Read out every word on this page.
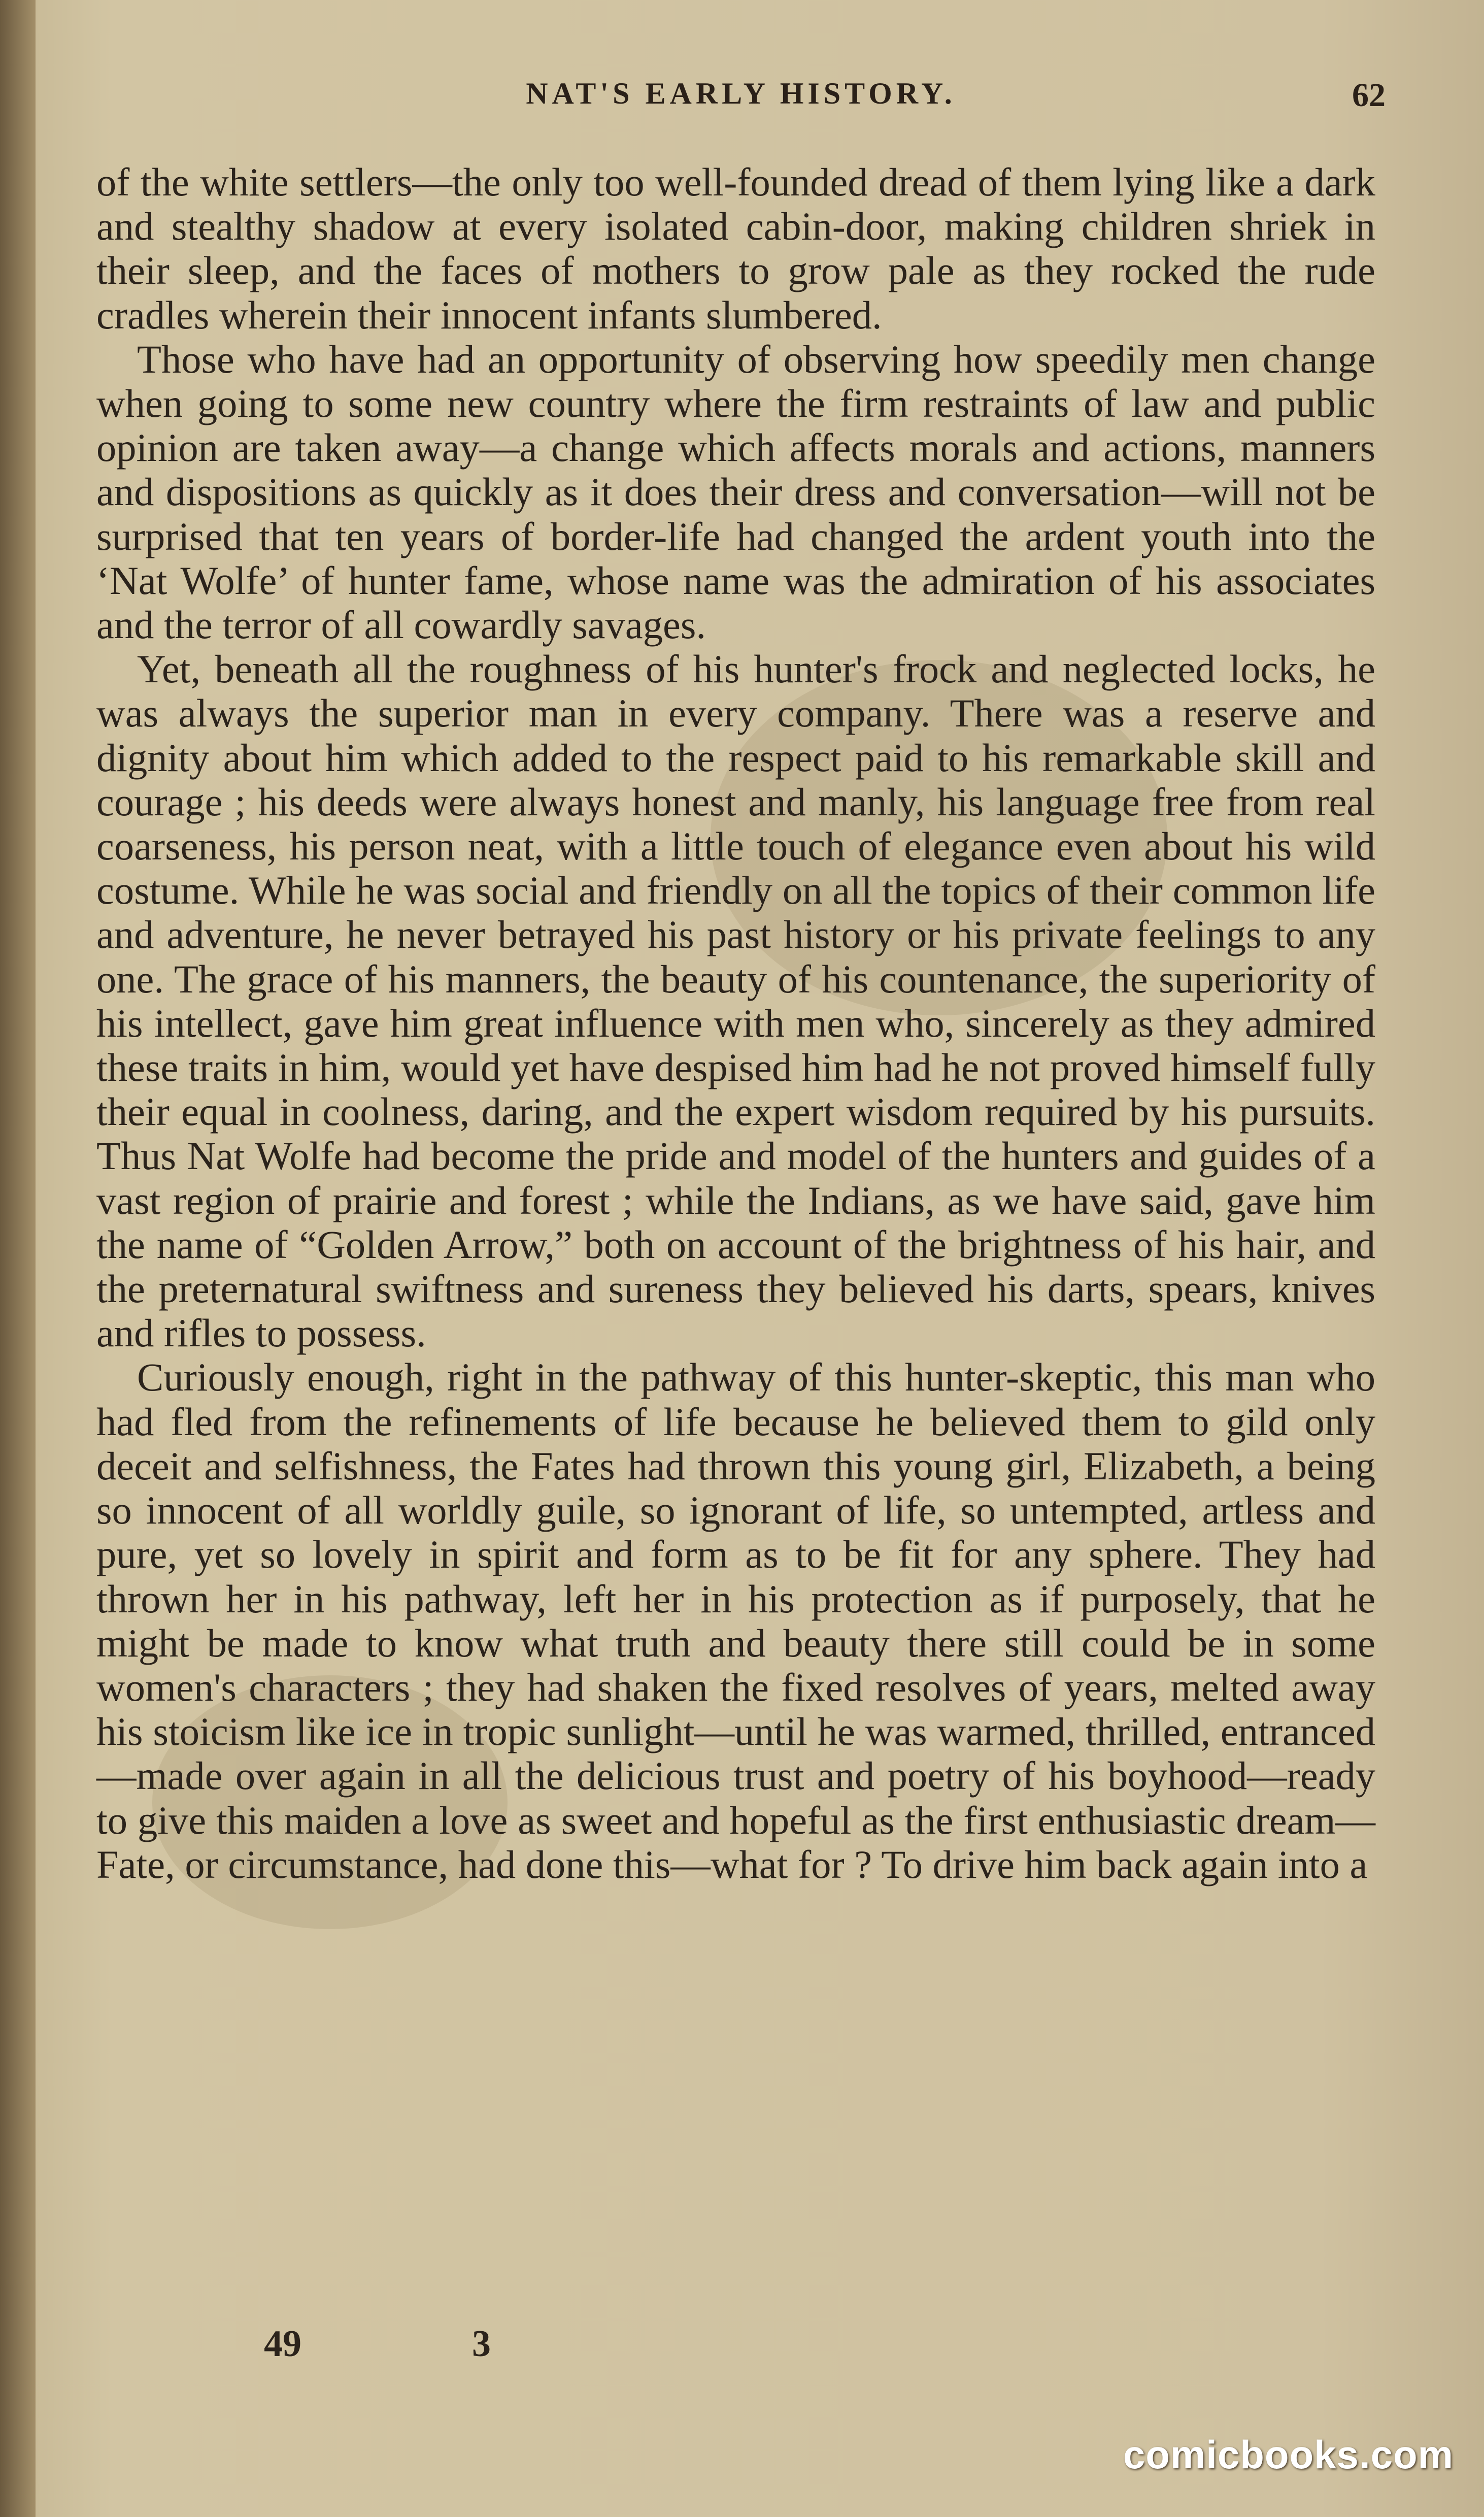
NAT'S EARLY HISTORY.	62

of the white settlers—the only too well-founded dread of them lying like a dark and stealthy shadow at every isolated cabin-door, making children shriek in their sleep, and the faces of mothers to grow pale as they rocked the rude cradles wherein their innocent infants slumbered.

Those who have had an opportunity of observing how speedily men change when going to some new country where the firm restraints of law and public opinion are taken away—a change which affects morals and actions, manners and dispositions as quickly as it does their dress and conversation—will not be surprised that ten years of border-life had changed the ardent youth into the ‘Nat Wolfe’ of hunter fame, whose name was the admiration of his associates and the terror of all cowardly savages.

Yet, beneath all the roughness of his hunter's frock and neglected locks, he was always the superior man in every company. There was a reserve and dignity about him which added to the respect paid to his remarkable skill and courage ; his deeds were always honest and manly, his language free from real coarseness, his person neat, with a little touch of elegance even about his wild costume. While he was social and friendly on all the topics of their common life and adventure, he never betrayed his past history or his private feelings to any one. The grace of his manners, the beauty of his countenance, the superiority of his intellect, gave him great influence with men who, sincerely as they admired these traits in him, would yet have despised him had he not proved himself fully their equal in coolness, daring, and the expert wisdom required by his pursuits. Thus Nat Wolfe had become the pride and model of the hunters and guides of a vast region of prairie and forest ; while the Indians, as we have said, gave him the name of “Golden Arrow,” both on account of the brightness of his hair, and the preternatural swiftness and sureness they believed his darts, spears, knives and rifles to possess.

Curiously enough, right in the pathway of this hunter-skeptic, this man who had fled from the refinements of life because he believed them to gild only deceit and selfishness, the Fates had thrown this young girl, Elizabeth, a being so innocent of all worldly guile, so ignorant of life, so untempted, artless and pure, yet so lovely in spirit and form as to be fit for any sphere. They had thrown her in his pathway, left her in his protection as if purposely, that he might be made to know what truth and beauty there still could be in some women's characters ; they had shaken the fixed resolves of years, melted away his stoicism like ice in tropic sunlight—until he was warmed, thrilled, entranced—made over again in all the delicious trust and poetry of his boyhood—ready to give this maiden a love as sweet and hopeful as the first enthusiastic dream—Fate, or circumstance, had done this—what for ? To drive him back again into a

49	3
comicbooks.com
